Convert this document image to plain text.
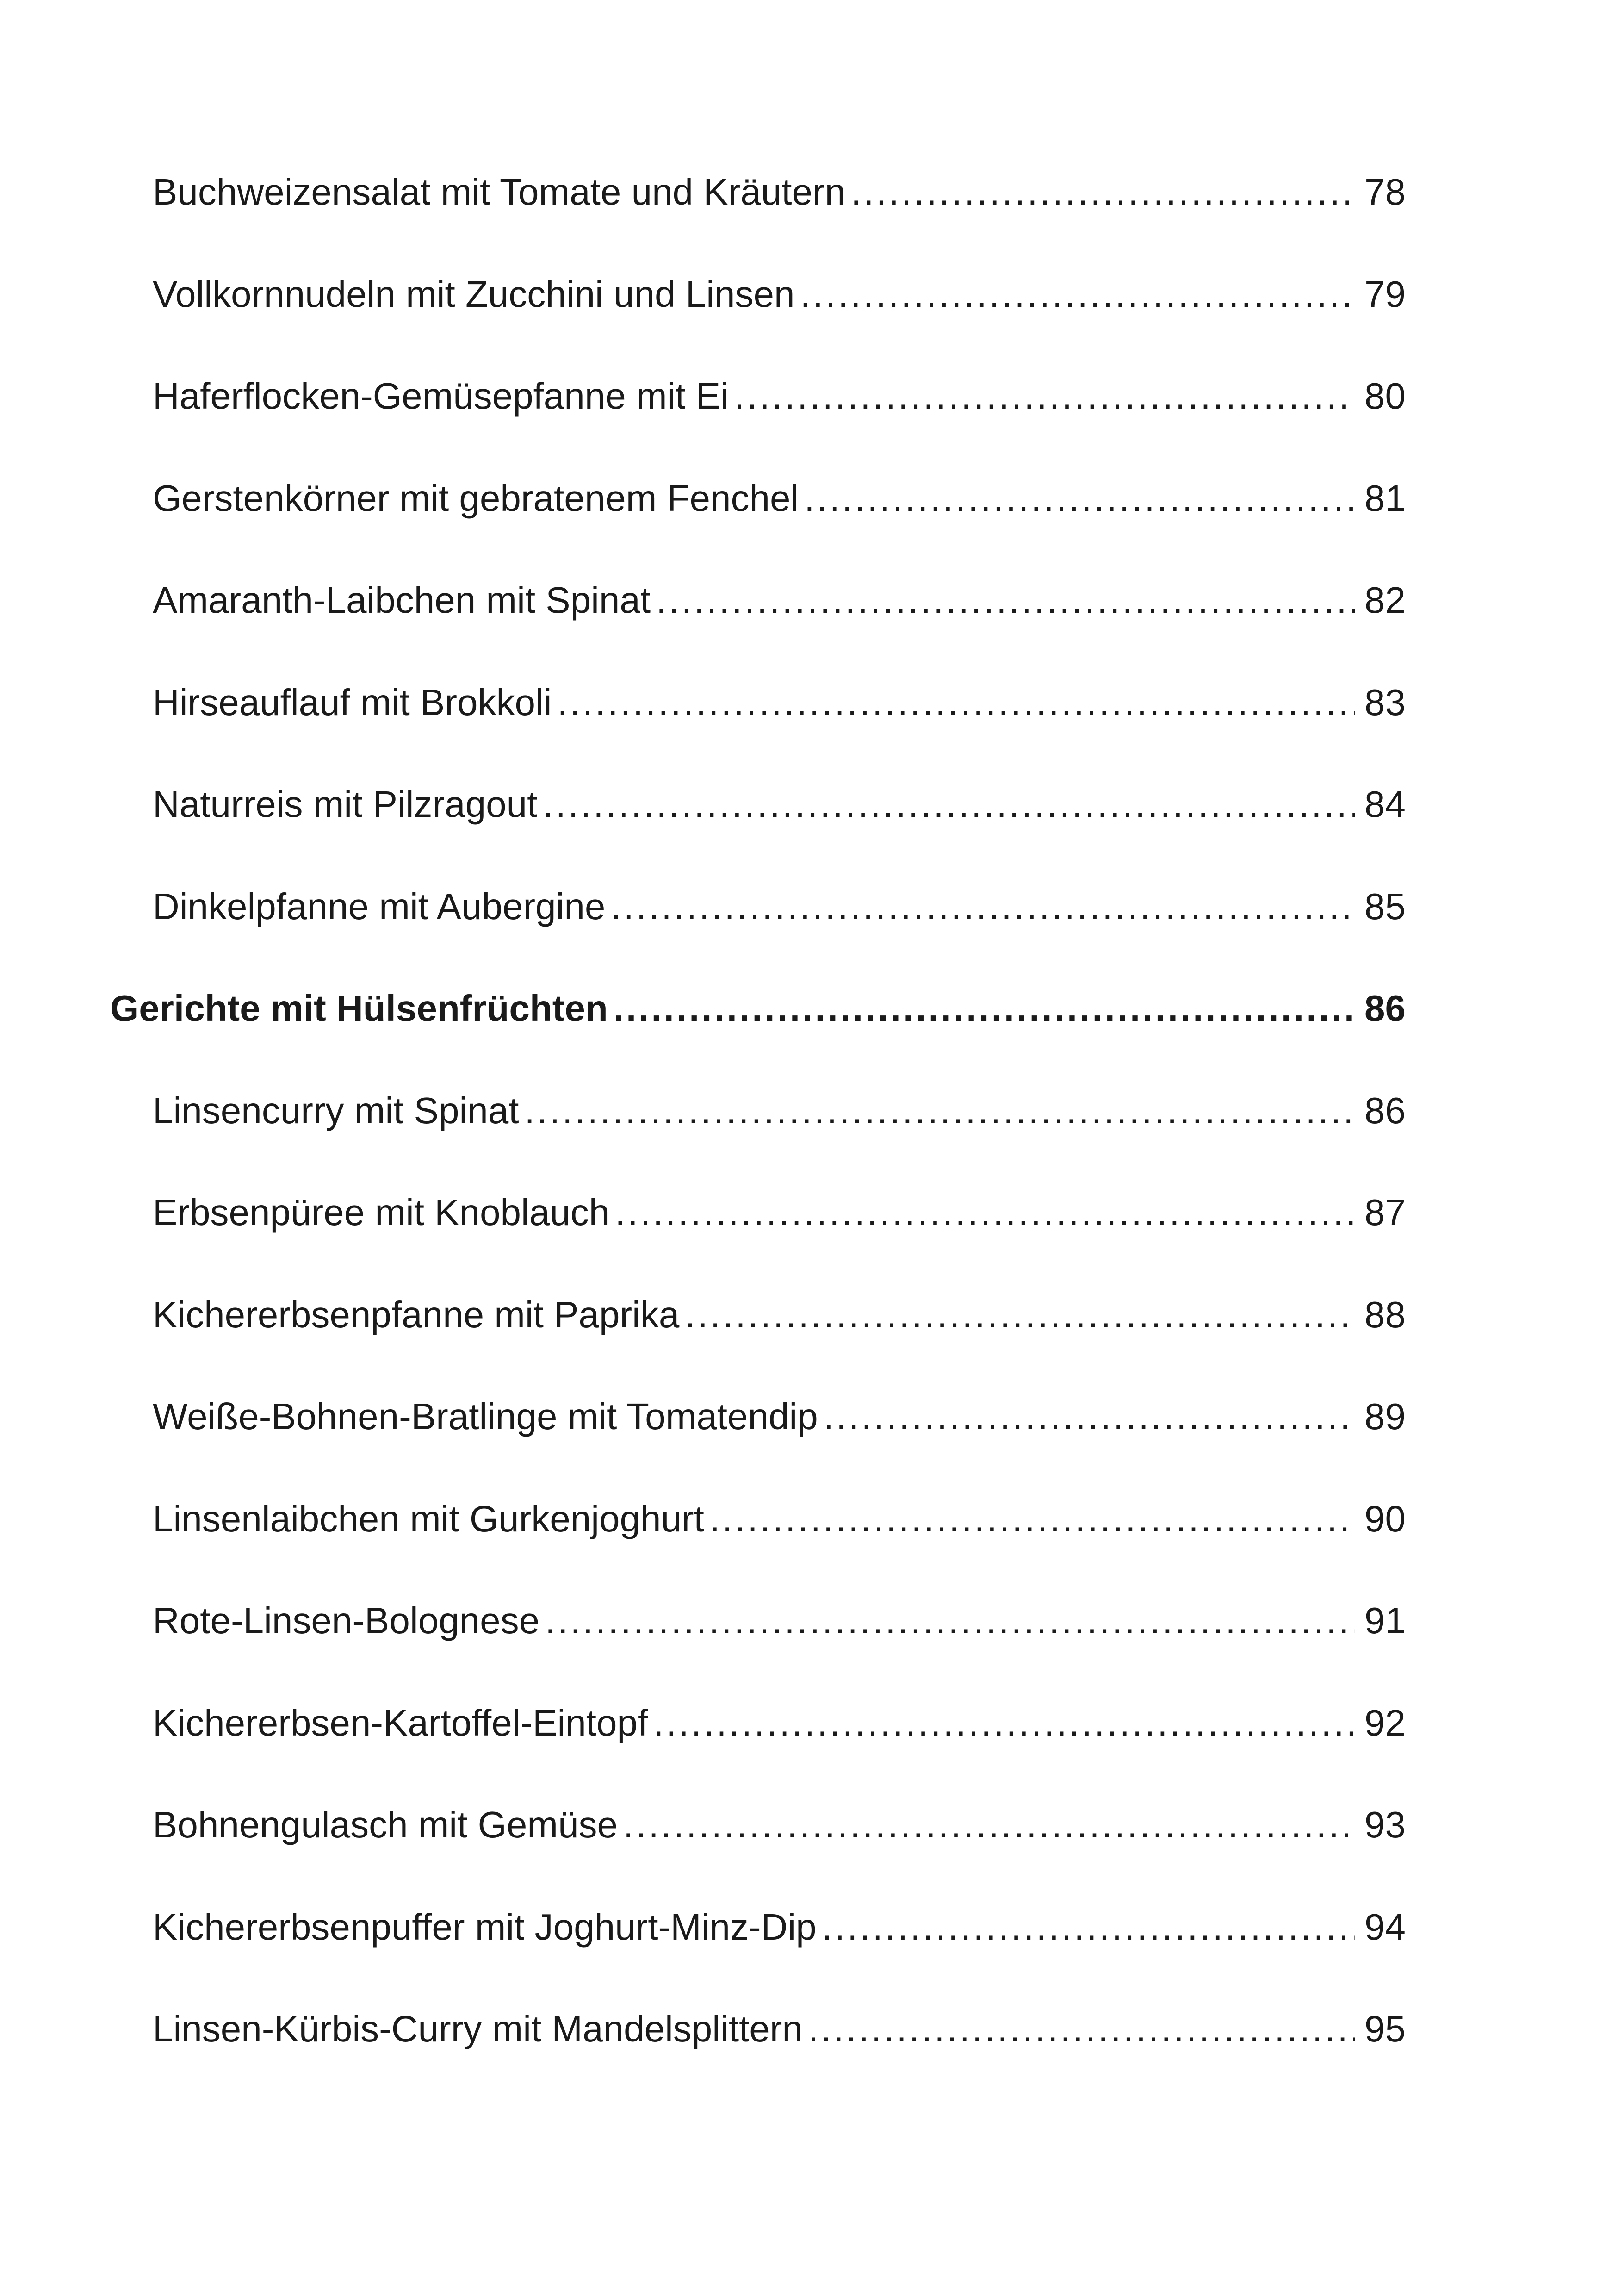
Buchweizensalat mit Tomate und Kräutern .....	78
Vollkornnudeln mit Zucchini und Linsen .....	79
Haferflocken-Gemüsepfanne mit Ei .....	80
Gerstenkörner mit gebratenem Fenchel .....	81
Amaranth-Laibchen mit Spinat .....	82
Hirseauflauf mit Brokkoli .....	83
Naturreis mit Pilzragout .....	84
Dinkelpfanne mit Aubergine .....	85
Gerichte mit Hülsenfrüchten .....	86
Linsencurry mit Spinat .....	86
Erbsenpüree mit Knoblauch .....	87
Kichererbsenpfanne mit Paprika .....	88
Weiße-Bohnen-Bratlinge mit Tomatendip .....	89
Linsenlaibchen mit Gurkenjoghurt .....	90
Rote-Linsen-Bolognese .....	91
Kichererbsen-Kartoffel-Eintopf .....	92
Bohnengulasch mit Gemüse .....	93
Kichererbsenpuffer mit Joghurt-Minz-Dip .....	94
Linsen-Kürbis-Curry mit Mandelsplittern .....	95
